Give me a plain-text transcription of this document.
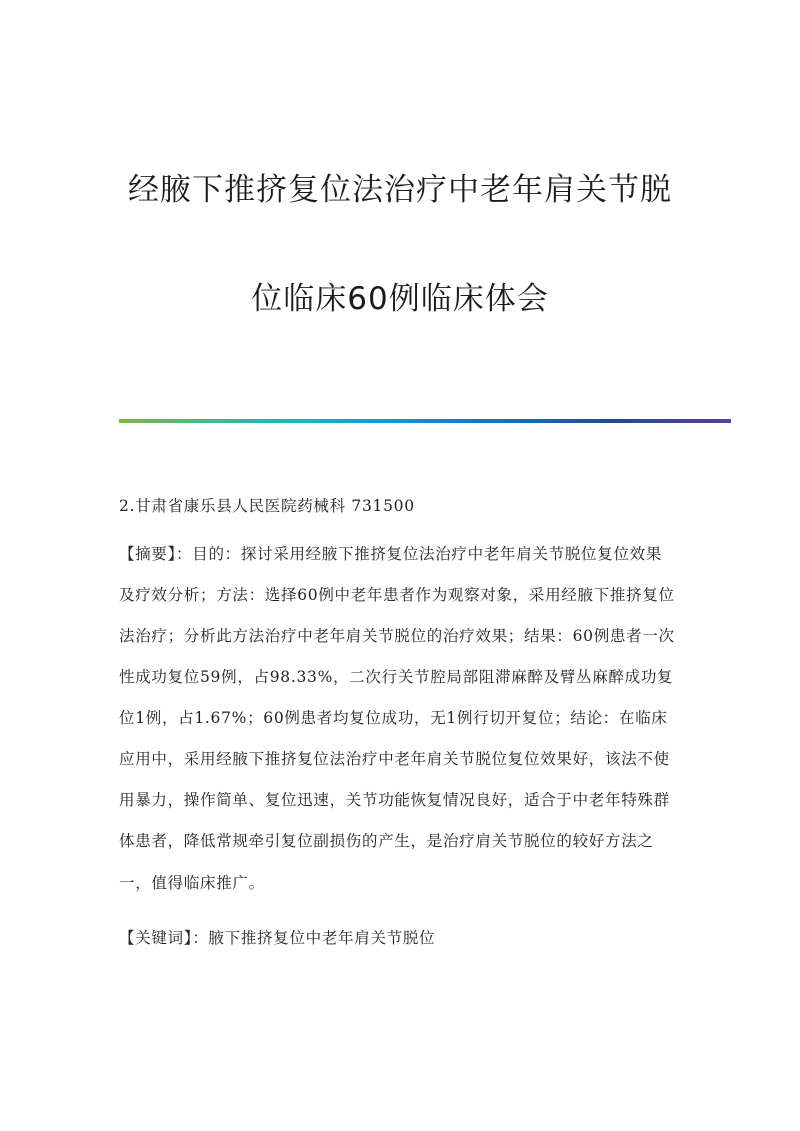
经腋下推挤复位法治疗中老年肩关节脱
位临床60例临床体会
2.甘肃省康乐县人民医院药械科 731500
【摘要】：目的：探讨采用经腋下推挤复位法治疗中老年肩关节脱位复位效果
及疗效分析；方法：选择60例中老年患者作为观察对象，采用经腋下推挤复位
法治疗；分析此方法治疗中老年肩关节脱位的治疗效果；结果：60例患者一次
性成功复位59例，占98.33%，二次行关节腔局部阻滞麻醉及臂丛麻醉成功复
位1例，占1.67%；60例患者均复位成功，无1例行切开复位；结论：在临床
应用中，采用经腋下推挤复位法治疗中老年肩关节脱位复位效果好，该法不使
用暴力，操作简单、复位迅速，关节功能恢复情况良好，适合于中老年特殊群
体患者，降低常规牵引复位副损伤的产生，是治疗肩关节脱位的较好方法之
一，值得临床推广。
【关键词】：腋下推挤复位中老年肩关节脱位
